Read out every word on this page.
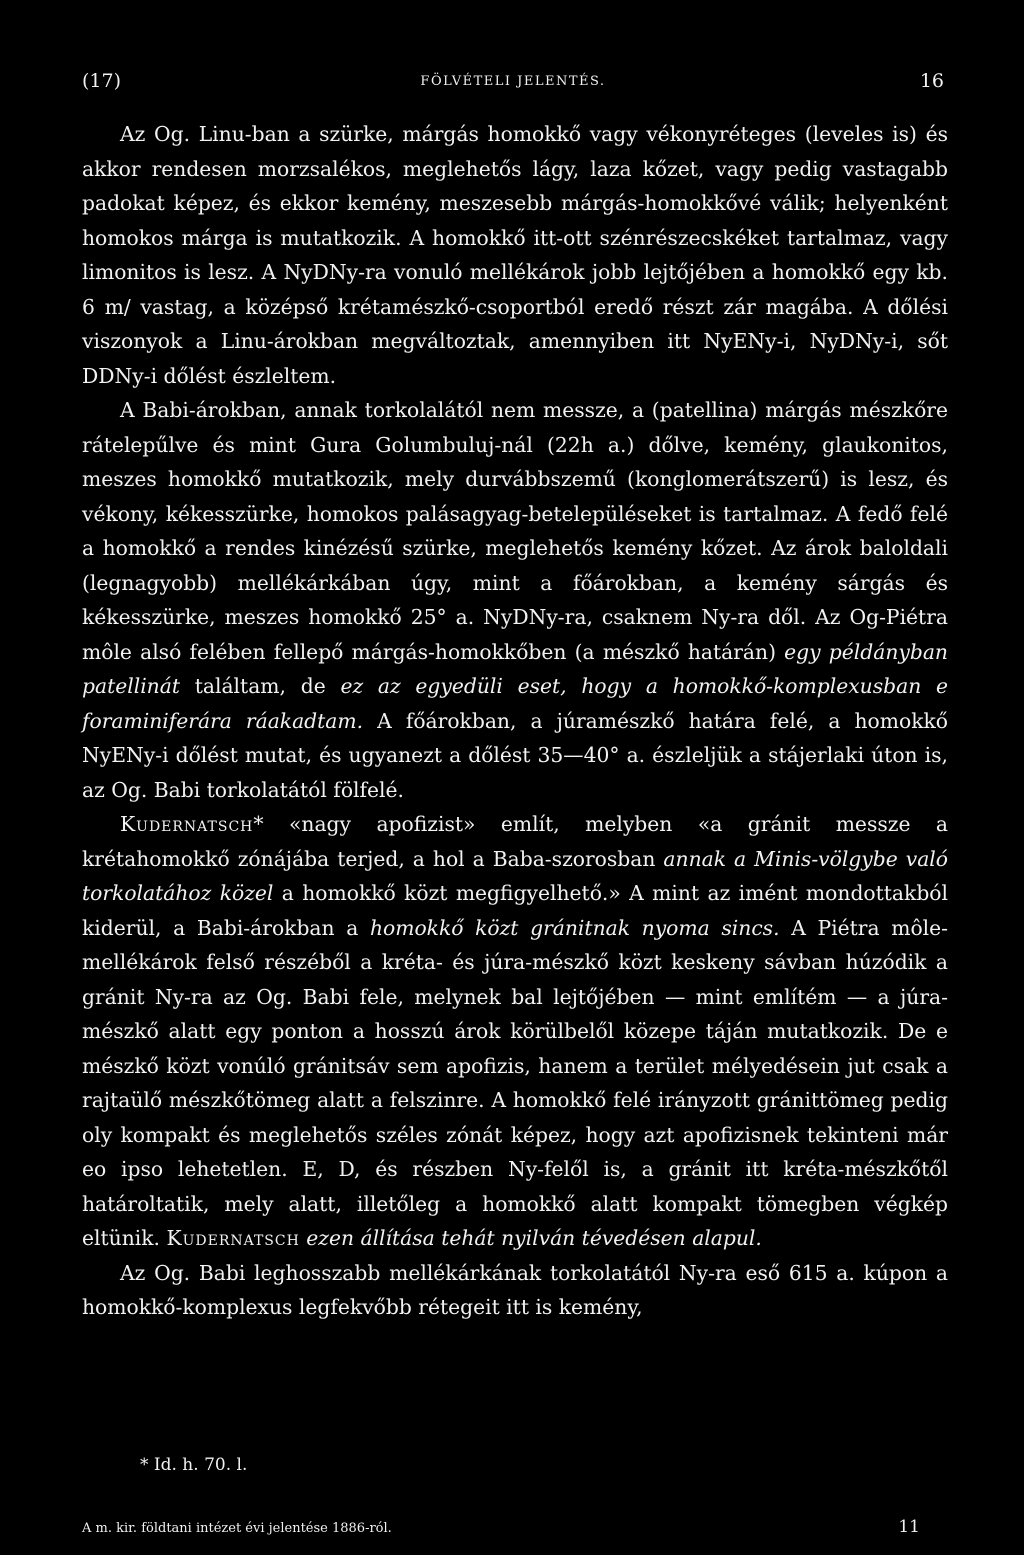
(17)	FÖLVÉTELI JELENTÉS.	16

Az Og. Linu-ban a szürke, márgás homokkő vagy vékonyréteges (leveles is) és akkor rendesen morzsalékos, meglehetős lágy, laza kőzet, vagy pedig vastagabb padokat képez, és ekkor kemény, meszesebb márgás-homokkővé válik; helyenként homokos márga is mutatkozik. A homokkő itt-ott szénrészecskéket tartalmaz, vagy limonitos is lesz. A NyDNy-ra vonuló mellékárok jobb lejtőjében a homokkő egy kb. 6 m/ vastag, a középső krétamészkő-csoportból eredő részt zár magába. A dőlési viszonyok a Linu-árokban megváltoztak, amennyiben itt NyENy-i, NyDNy-i, sőt DDNy-i dőlést észleltem.

A Babi-árokban, annak torkolalától nem messze, a (patellina) márgás mészkőre rátelepűlve és mint Gura Golumbuluj-nál (22h a.) dőlve, kemény, glaukonitos, meszes homokkő mutatkozik, mely durvábbszemű (konglomerátszerű) is lesz, és vékony, kékesszürke, homokos palásagyag-betelepüléseket is tartalmaz. A fedő felé a homokkő a rendes kinézésű szürke, meglehetős kemény kőzet. Az árok baloldali (legnagyobb) mellékárkában úgy, mint a főárokban, a kemény sárgás és kékesszürke, meszes homokkő 25° a. NyDNy-ra, csaknem Ny-ra dől. Az Og-Piétra môle alsó felében fellepő márgás-homokkőben (a mészkő határán) egy példányban patellinát találtam, de ez az egyedüli eset, hogy a homokkő-komplexusban e foraminiferára ráakadtam. A főárokban, a júramészkő határa felé, a homokkő NyENy-i dőlést mutat, és ugyanezt a dőlést 35—40° a. észleljük a stájerlaki úton is, az Og. Babi torkolatától fölfelé.

Kudernatsch* «nagy apofizist» említ, melyben «a gránit messze a krétahomokkő zónájába terjed, a hol a Baba-szorosban annak a Minis-völgybe való torkolatához közel a homokkő közt megfigyelhető.» A mint az imént mondottakból kiderül, a Babi-árokban a homokkő közt gránitnak nyoma sincs. A Piétra môle-mellékárok felső részéből a kréta- és júra-mészkő közt keskeny sávban húzódik a gránit Ny-ra az Og. Babi fele, melynek bal lejtőjében — mint említém — a júra-mészkő alatt egy ponton a hosszú árok körülbelől közepe táján mutatkozik. De e mészkő közt vonúló gránitsáv sem apofizis, hanem a terület mélyedésein jut csak a rajtaülő mészkőtömeg alatt a felszinre. A homokkő felé irányzott gránittömeg pedig oly kompakt és meglehetős széles zónát képez, hogy azt apofizisnek tekinteni már eo ipso lehetetlen. E, D, és részben Ny-felől is, a gránit itt kréta-mészkőtől határoltatik, mely alatt, illetőleg a homokkő alatt kompakt tömegben végkép eltünik. Kudernatsch ezen állítása tehát nyilván tévedésen alapul.

Az Og. Babi leghosszabb mellékárkának torkolatától Ny-ra eső 615 a. kúpon a homokkő-komplexus legfekvőbb rétegeit itt is kemény,

* Id. h. 70. l.
A m. kir. földtani intézet évi jelentése 1886-ról.	11
